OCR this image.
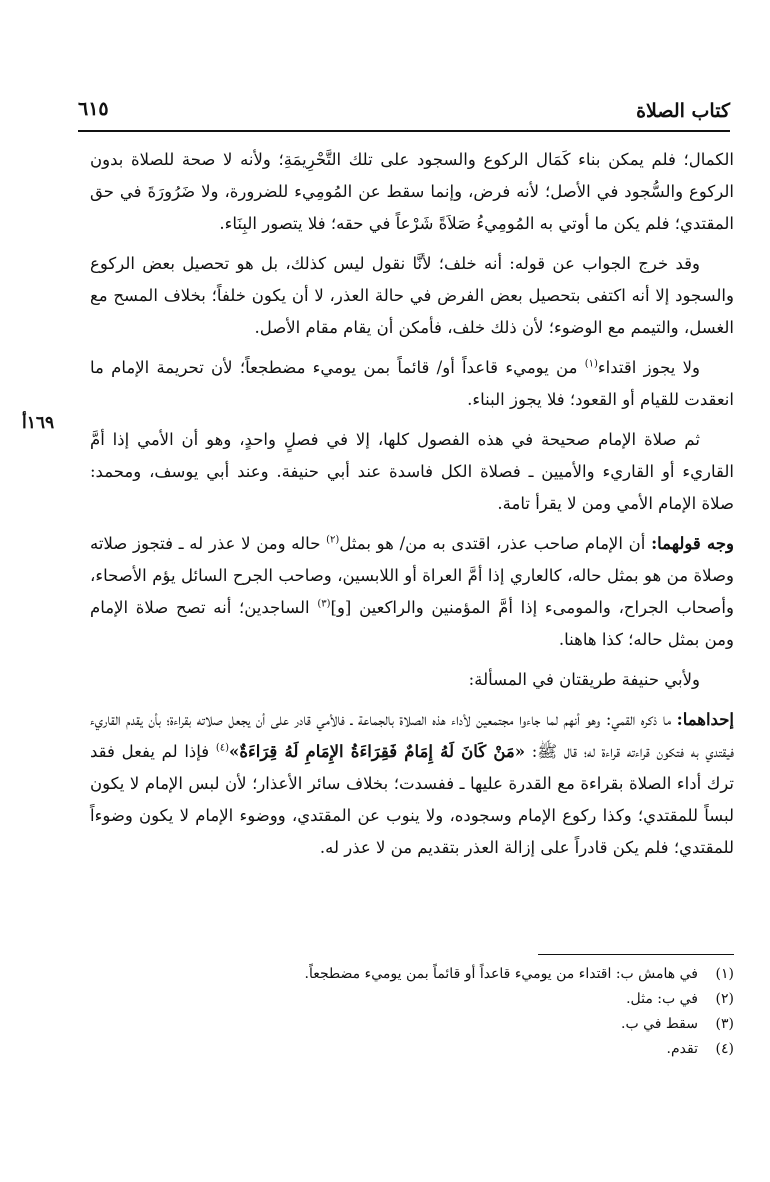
كتاب الصلاة
٦١٥
١٦٩أ

الكمال؛ فلم يمكن بناء كَمَال الركوع والسجود على تلك التَّحْرِيمَةِ؛ ولأنه لا صحة للصلاة بدون الركوع والسُّجود في الأصل؛ لأنه فرض، وإنما سقط عن المُومِيء للضرورة، ولا ضَرُورَةَ في حق المقتدي؛ فلم يكن ما أوتي به المُومِيءُ صَلاَةً شَرْعاً في حقه؛ فلا يتصور البِنَاء.

وقد خرج الجواب عن قوله: أنه خلف؛ لأنَّا نقول ليس كذلك، بل هو تحصيل بعض الركوع والسجود إلا أنه اكتفى بتحصيل بعض الفرض في حالة العذر، لا أن يكون خلفاً؛ بخلاف المسح مع الغسل، والتيمم مع الوضوء؛ لأن ذلك خلف، فأمكن أن يقام مقام الأصل.

ولا يجوز اقتداء$^{(١)}$ من يوميء قاعداً أو/ قائماً بمن يوميء مضطجعاً؛ لأن تحريمة الإمام ما انعقدت للقيام أو القعود؛ فلا يجوز البناء.

ثم صلاة الإمام صحيحة في هذه الفصول كلها، إلا في فصلٍ واحدٍ، وهو أن الأمي إذا أمَّ القاريء أو القاريء والأميين ـ فصلاة الكل فاسدة عند أبي حنيفة. وعند أبي يوسف، ومحمد: صلاة الإمام الأمي ومن لا يقرأ تامة.

وجه قولهما: أن الإمام صاحب عذر، اقتدى به من/ هو بمثل$^{(٢)}$ حاله ومن لا عذر له ـ فتجوز صلاته وصلاة من هو بمثل حاله، كالعاري إذا أمَّ العراة أو اللابسين، وصاحب الجرح السائل يؤم الأصحاء، وأصحاب الجراح، والمومىء إذا أمَّ المؤمنين والراكعين [و]$^{(٣)}$ الساجدين؛ أنه تصح صلاة الإمام ومن بمثل حاله؛ كذا هاهنا.

ولأبي حنيفة طريقتان في المسألة:

إحداهما: ما ذكره القمي: وهو أنهم لما جاءوا مجتمعين لأداء هذه الصلاة بالجماعة ـ فالأمي قادر على أن يجعل صلاته بقراءة؛ بأن يقدم القاريء فيقتدي به فتكون قراءته قراءة له؛ قال ﷺ: «مَنْ كَانَ لَهُ إِمَامٌ فَقِرَاءَةُ الإِمَامِ لَهُ قِرَاءَةٌ»$^{(٤)}$ فإذا لم يفعل فقد ترك أداء الصلاة بقراءة مع القدرة عليها ـ ففسدت؛ بخلاف سائر الأعذار؛ لأن لبس الإمام لا يكون لبساً للمقتدي؛ وكذا ركوع الإمام وسجوده، ولا ينوب عن المقتدي، ووضوء الإمام لا يكون وضوءاً للمقتدي؛ فلم يكن قادراً على إزالة العذر بتقديم من لا عذر له.

(١)في هامش ب: اقتداء من يوميء قاعداً أو قائماً بمن يوميء مضطجعاً.
(٢)في ب: مثل.
(٣)سقط في ب.
(٤)تقدم.
